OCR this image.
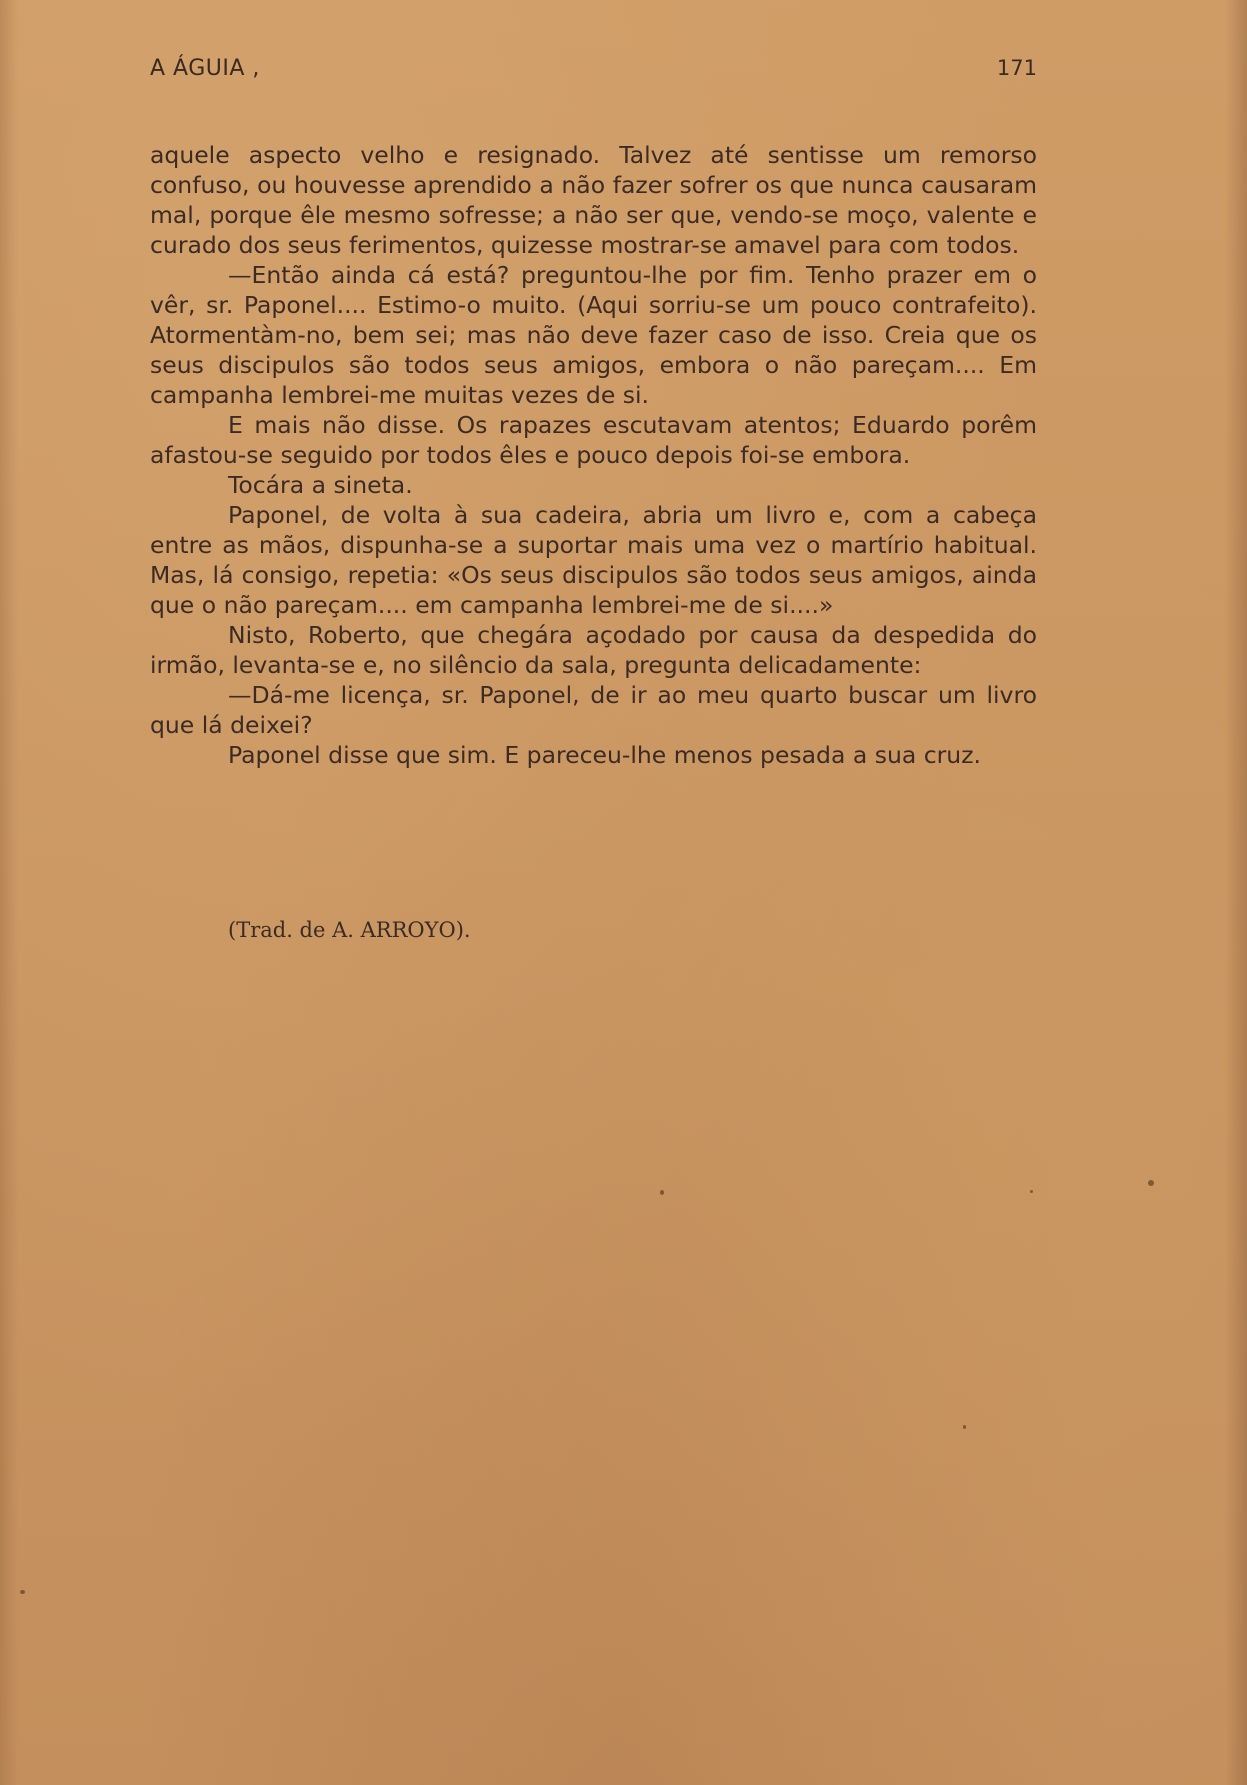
A ÁGUIA ,	171

aquele aspecto velho e resignado. Talvez até sentisse um remorso confuso, ou houvesse aprendido a não fazer sofrer os que nunca causaram mal, porque êle mesmo sofresse; a não ser que, vendo-se moço, valente e curado dos seus ferimentos, quizesse mostrar-se amavel para com todos.

—Então ainda cá está? preguntou-lhe por fim. Tenho prazer em o vêr, sr. Paponel.... Estimo-o muito. (Aqui sorriu-se um pouco contrafeito). Atormentàm-no, bem sei; mas não deve fazer caso de isso. Creia que os seus discipulos são todos seus amigos, embora o não pareçam.... Em campanha lembrei-me muitas vezes de si.

E mais não disse. Os rapazes escutavam atentos; Eduardo porêm afastou-se seguido por todos êles e pouco depois foi-se embora.

Tocára a sineta.

Paponel, de volta à sua cadeira, abria um livro e, com a cabeça entre as mãos, dispunha-se a suportar mais uma vez o martírio habitual. Mas, lá consigo, repetia: «Os seus discipulos são todos seus amigos, ainda que o não pareçam.... em campanha lembrei-me de si....»

Nisto, Roberto, que chegára açodado por causa da despedida do irmão, levanta-se e, no silêncio da sala, pregunta delicadamente:

—Dá-me licença, sr. Paponel, de ir ao meu quarto buscar um livro que lá deixei?

Paponel disse que sim. E pareceu-lhe menos pesada a sua cruz.

(Trad. de A. ARROYO).
